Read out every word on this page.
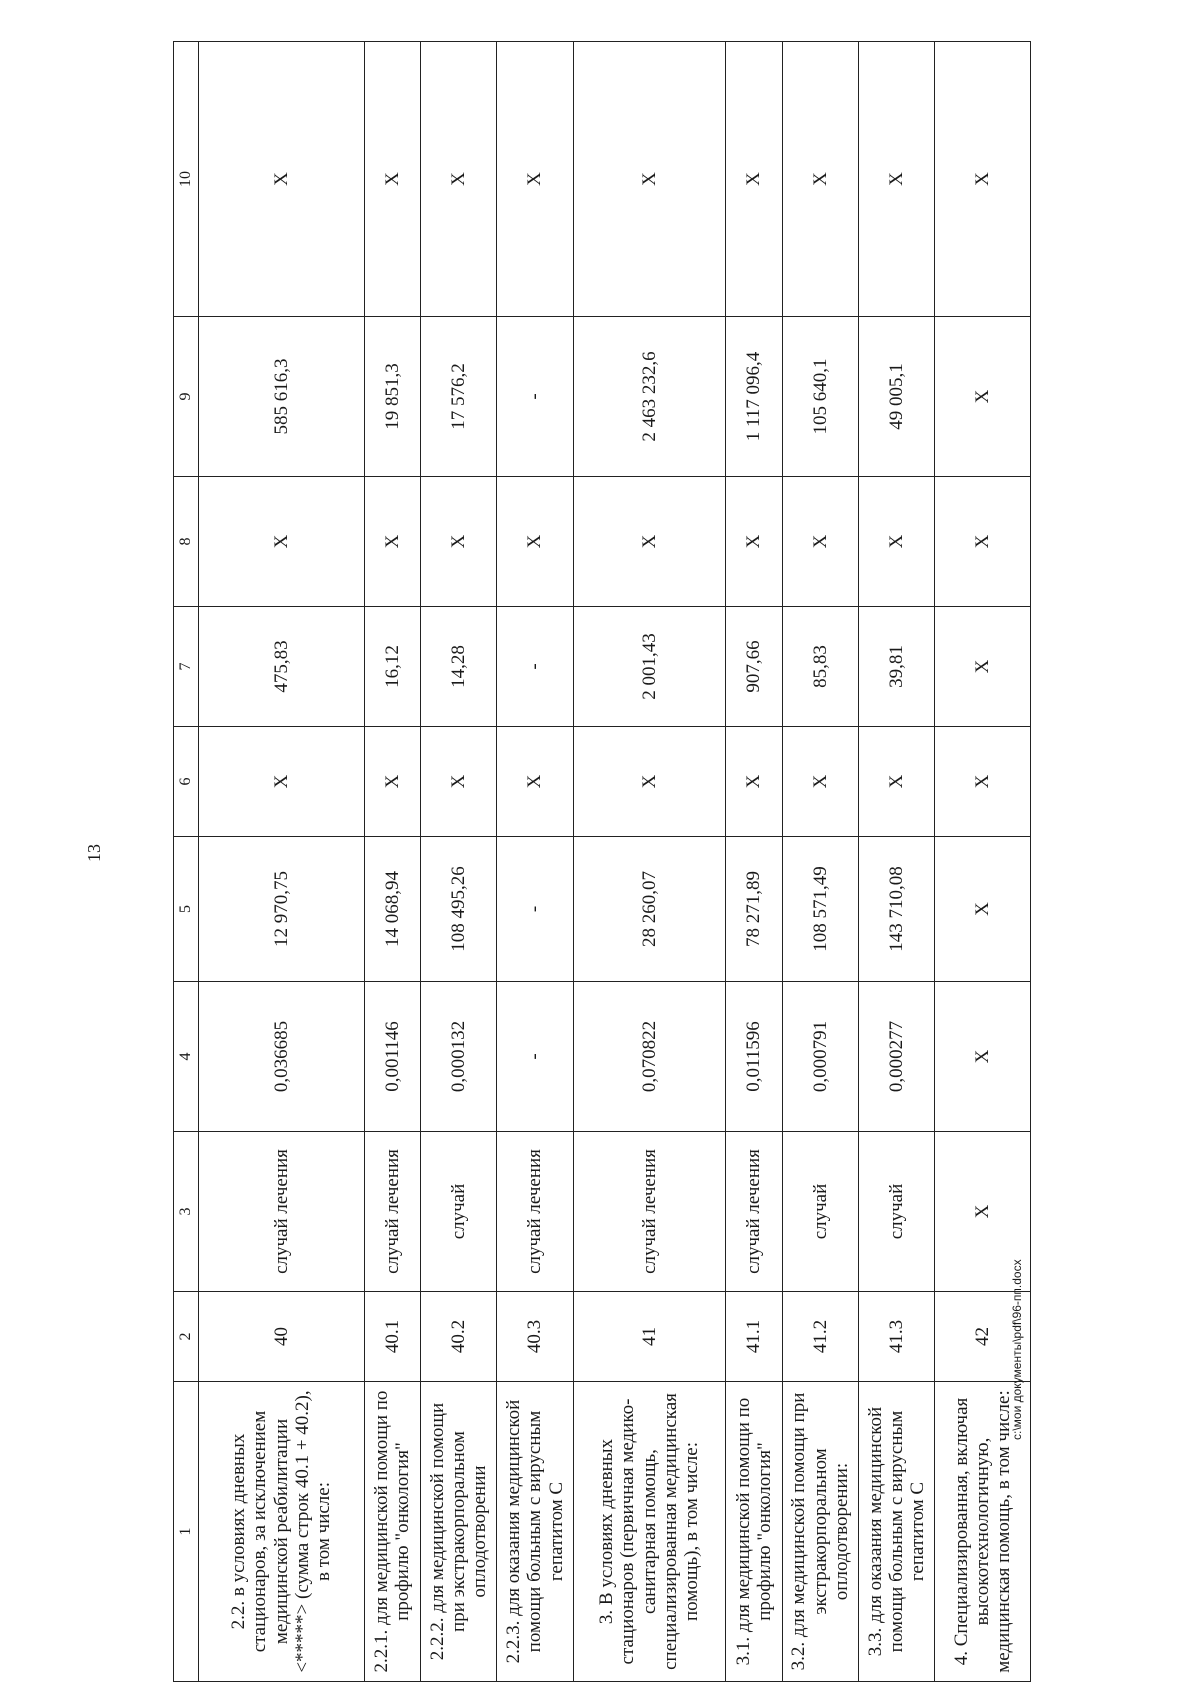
13
1	2	3	4	5	6	7	8	9	10
2.2. в условиях дневных стационаров, за исключением медицинской реабилитации <*****> (сумма строк 40.1 + 40.2), в том числе:	40	случай лечения	0,036685	12 970,75	X	475,83	X	585 616,3	X
2.2.1. для медицинской помощи по профилю "онкология"	40.1	случай лечения	0,001146	14 068,94	X	16,12	X	19 851,3	X
2.2.2. для медицинской помощи при экстракорпоральном оплодотворении	40.2	случай	0,000132	108 495,26	X	14,28	X	17 576,2	X
2.2.3. для оказания медицинской помощи больным с вирусным гепатитом С	40.3	случай лечения	-	-	X	-	X	-	X
3. В условиях дневных стационаров (первичная медико-санитарная помощь, специализированная медицинская помощь), в том числе:	41	случай лечения	0,070822	28 260,07	X	2 001,43	X	2 463 232,6	X
3.1. для медицинской помощи по профилю "онкология"	41.1	случай лечения	0,011596	78 271,89	X	907,66	X	1 117 096,4	X
3.2. для медицинской помощи при экстракорпоральном оплодотворении:	41.2	случай	0,000791	108 571,49	X	85,83	X	105 640,1	X
3.3. для оказания медицинской помощи больным с вирусным гепатитом С	41.3	случай	0,000277	143 710,08	X	39,81	X	49 005,1	X
4. Специализированная, включая высокотехнологичную, медицинская помощь, в том числе:	42	X	X	X	X	X	X	X	X
c:\мои документы\pdf\96-пп.docx
